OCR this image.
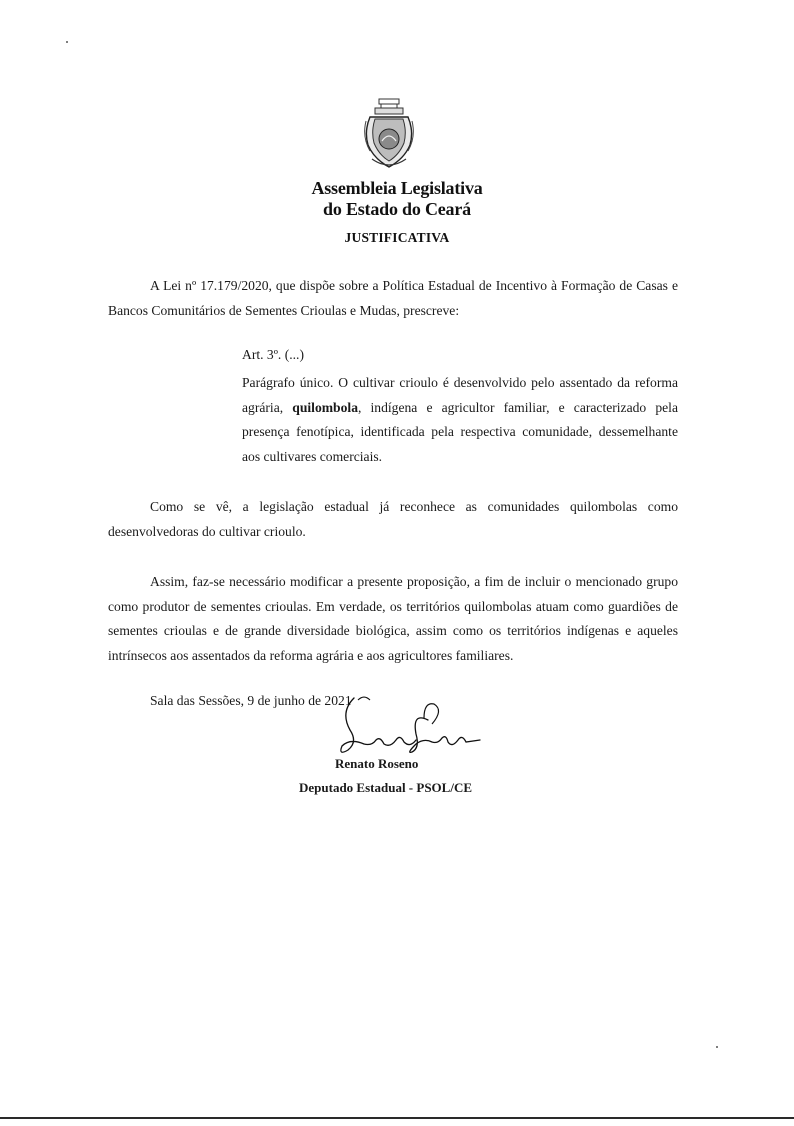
Assembleia Legislativa
do Estado do Ceará
JUSTIFICATIVA

A Lei nº 17.179/2020, que dispõe sobre a Política Estadual de Incentivo à Formação de Casas e Bancos Comunitários de Sementes Crioulas e Mudas, prescreve:

Art. 3º. (...)

Parágrafo único. O cultivar crioulo é desenvolvido pelo assentado da reforma agrária, quilombola, indígena e agricultor familiar, e caracterizado pela presença fenotípica, identificada pela respectiva comunidade, dessemelhante aos cultivares comerciais.

Como se vê, a legislação estadual já reconhece as comunidades quilombolas como desenvolvedoras do cultivar crioulo.

Assim, faz-se necessário modificar a presente proposição, a fim de incluir o mencionado grupo como produtor de sementes crioulas. Em verdade, os territórios quilombolas atuam como guardiões de sementes crioulas e de grande diversidade biológica, assim como os territórios indígenas e aqueles intrínsecos aos assentados da reforma agrária e aos agricultores familiares.

Sala das Sessões, 9 de junho de 2021

Renato Roseno

Deputado Estadual - PSOL/CE
